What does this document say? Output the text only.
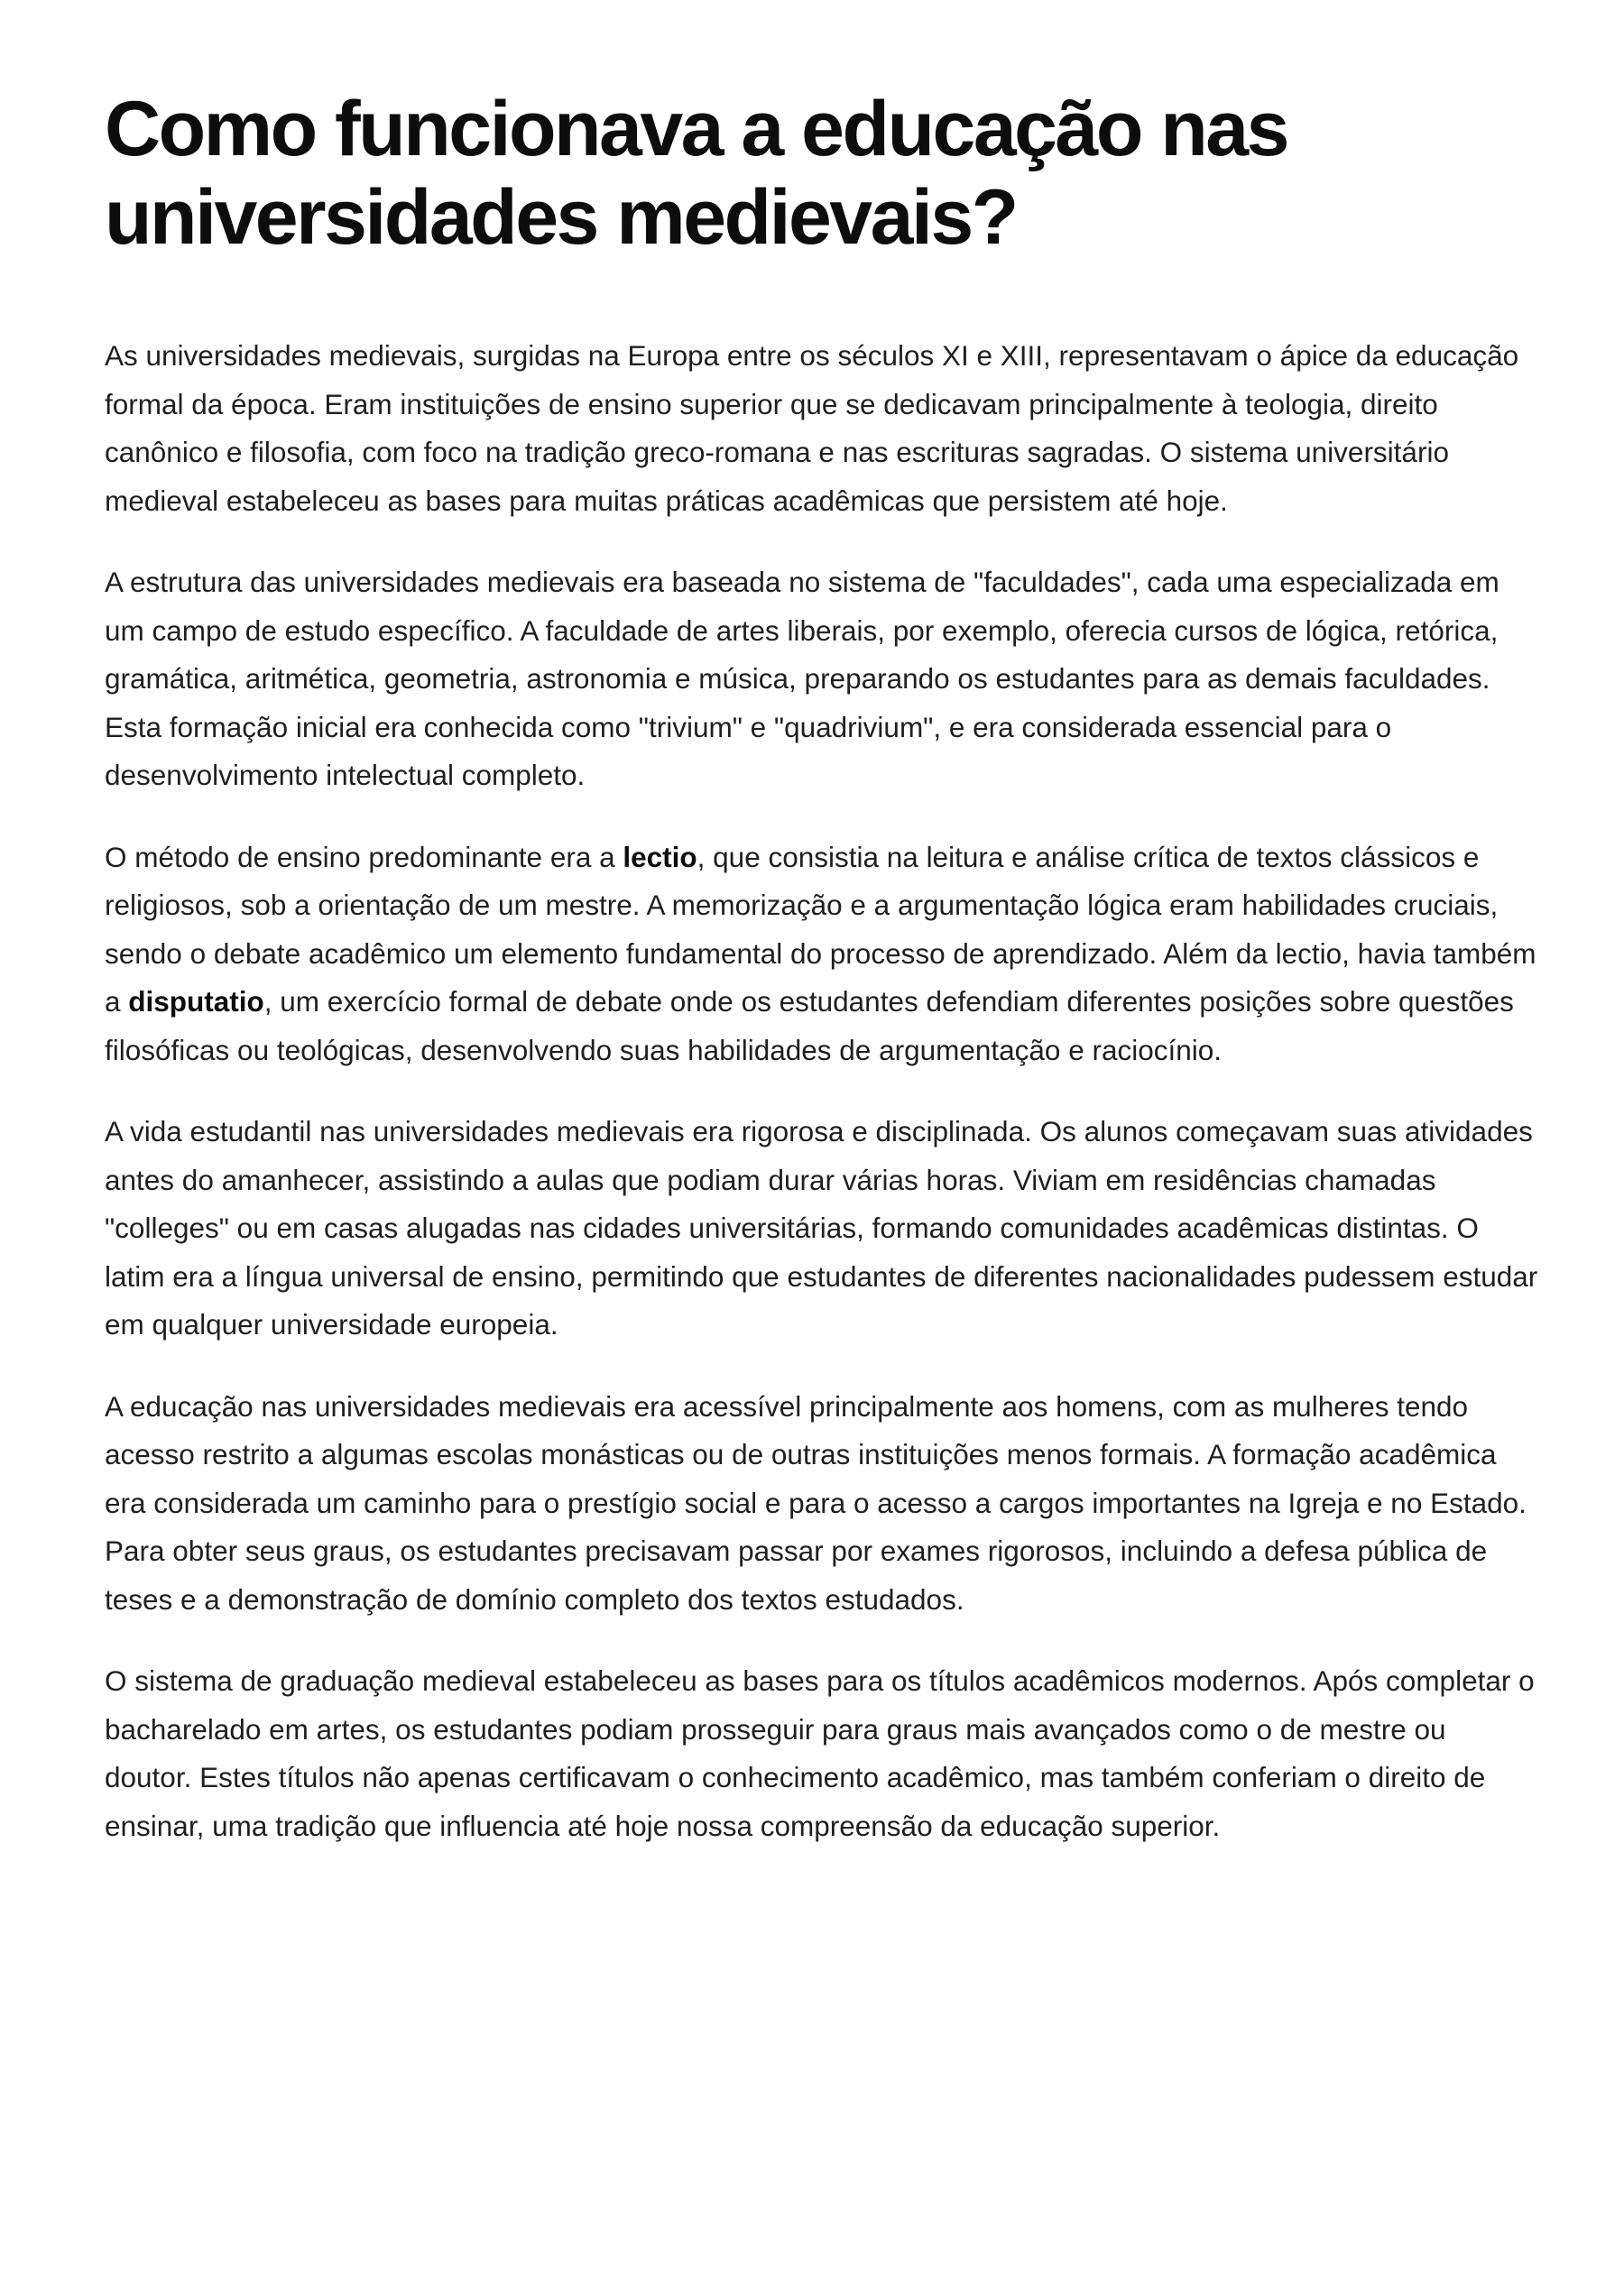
Como funcionava a educação nas universidades medievais?

As universidades medievais, surgidas na Europa entre os séculos XI e XIII, representavam o ápice da educação formal da época. Eram instituições de ensino superior que se dedicavam principalmente à teologia, direito canônico e filosofia, com foco na tradição greco-romana e nas escrituras sagradas. O sistema universitário medieval estabeleceu as bases para muitas práticas acadêmicas que persistem até hoje.

A estrutura das universidades medievais era baseada no sistema de "faculdades", cada uma especializada em um campo de estudo específico. A faculdade de artes liberais, por exemplo, oferecia cursos de lógica, retórica, gramática, aritmética, geometria, astronomia e música, preparando os estudantes para as demais faculdades. Esta formação inicial era conhecida como "trivium" e "quadrivium", e era considerada essencial para o desenvolvimento intelectual completo.

O método de ensino predominante era a lectio, que consistia na leitura e análise crítica de textos clássicos e religiosos, sob a orientação de um mestre. A memorização e a argumentação lógica eram habilidades cruciais, sendo o debate acadêmico um elemento fundamental do processo de aprendizado. Além da lectio, havia também a disputatio, um exercício formal de debate onde os estudantes defendiam diferentes posições sobre questões filosóficas ou teológicas, desenvolvendo suas habilidades de argumentação e raciocínio.

A vida estudantil nas universidades medievais era rigorosa e disciplinada. Os alunos começavam suas atividades antes do amanhecer, assistindo a aulas que podiam durar várias horas. Viviam em residências chamadas "colleges" ou em casas alugadas nas cidades universitárias, formando comunidades acadêmicas distintas. O latim era a língua universal de ensino, permitindo que estudantes de diferentes nacionalidades pudessem estudar em qualquer universidade europeia.

A educação nas universidades medievais era acessível principalmente aos homens, com as mulheres tendo acesso restrito a algumas escolas monásticas ou de outras instituições menos formais. A formação acadêmica era considerada um caminho para o prestígio social e para o acesso a cargos importantes na Igreja e no Estado. Para obter seus graus, os estudantes precisavam passar por exames rigorosos, incluindo a defesa pública de teses e a demonstração de domínio completo dos textos estudados.

O sistema de graduação medieval estabeleceu as bases para os títulos acadêmicos modernos. Após completar o bacharelado em artes, os estudantes podiam prosseguir para graus mais avançados como o de mestre ou doutor. Estes títulos não apenas certificavam o conhecimento acadêmico, mas também conferiam o direito de ensinar, uma tradição que influencia até hoje nossa compreensão da educação superior.
